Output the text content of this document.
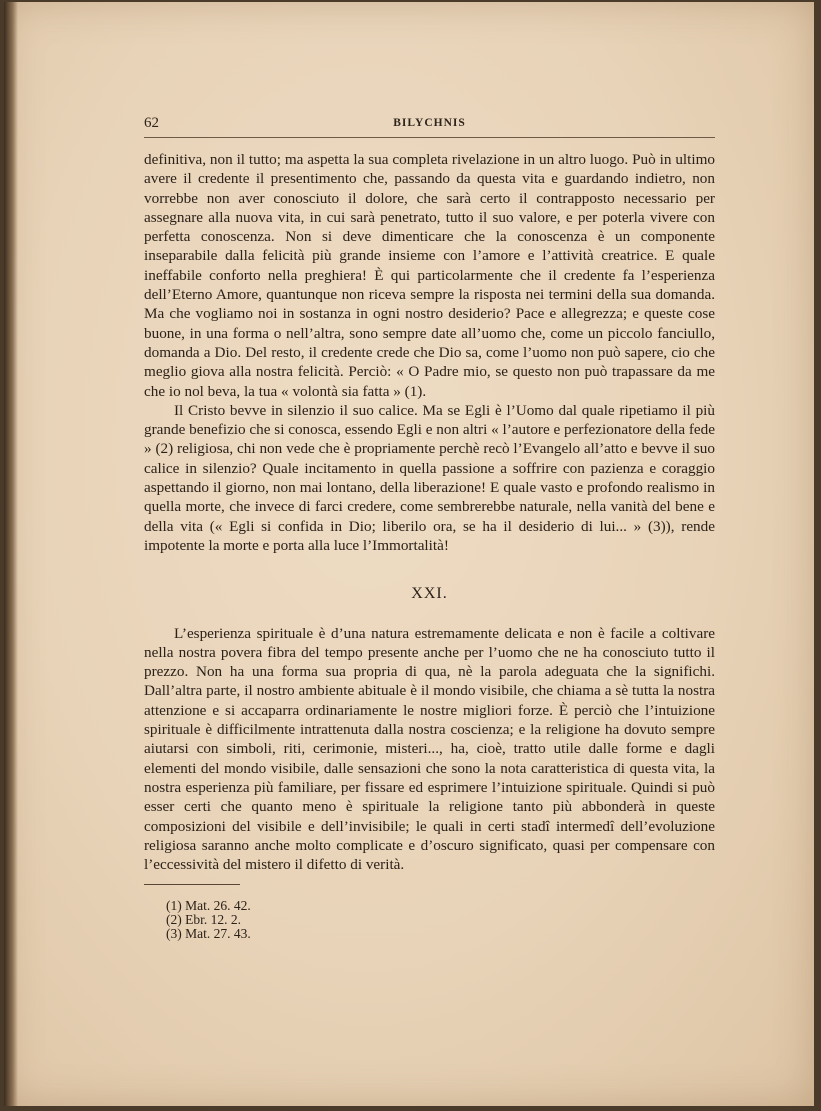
62	BILYCHNIS

definitiva, non il tutto; ma aspetta la sua completa rivelazione in un altro luogo. Può in ultimo avere il credente il presentimento che, passando da questa vita e guardando indietro, non vorrebbe non aver conosciuto il dolore, che sarà certo il contrapposto necessario per assegnare alla nuova vita, in cui sarà penetrato, tutto il suo valore, e per poterla vivere con perfetta conoscenza. Non si deve dimenticare che la conoscenza è un componente inseparabile dalla felicità più grande insieme con l’amore e l’attività creatrice. E quale ineffabile conforto nella preghiera! È qui particolarmente che il credente fa l’esperienza dell’Eterno Amore, quantunque non riceva sempre la risposta nei termini della sua domanda. Ma che vogliamo noi in sostanza in ogni nostro desiderio? Pace e allegrezza; e queste cose buone, in una forma o nell’altra, sono sempre date all’uomo che, come un piccolo fanciullo, domanda a Dio. Del resto, il credente crede che Dio sa, come l’uomo non può sapere, cio che meglio giova alla nostra felicità. Perciò: « O Padre mio, se questo non può trapassare da me che io nol beva, la tua « volontà sia fatta » (1).

Il Cristo bevve in silenzio il suo calice. Ma se Egli è l’Uomo dal quale ripetiamo il più grande benefizio che si conosca, essendo Egli e non altri « l’autore e perfezionatore della fede » (2) religiosa, chi non vede che è propriamente perchè recò l’Evangelo all’atto e bevve il suo calice in silenzio? Quale incitamento in quella passione a soffrire con pazienza e coraggio aspettando il giorno, non mai lontano, della liberazione! E quale vasto e profondo realismo in quella morte, che invece di farci credere, come sembrerebbe naturale, nella vanità del bene e della vita (« Egli si confida in Dio; liberilo ora, se ha il desiderio di lui... » (3)), rende impotente la morte e porta alla luce l’Immortalità!

XXI.

L’esperienza spirituale è d’una natura estremamente delicata e non è facile a coltivare nella nostra povera fibra del tempo presente anche per l’uomo che ne ha conosciuto tutto il prezzo. Non ha una forma sua propria di qua, nè la parola adeguata che la significhi. Dall’altra parte, il nostro ambiente abituale è il mondo visibile, che chiama a sè tutta la nostra attenzione e si accaparra ordinariamente le nostre migliori forze. È perciò che l’intuizione spirituale è difficilmente intrattenuta dalla nostra coscienza; e la religione ha dovuto sempre aiutarsi con simboli, riti, cerimonie, misteri..., ha, cioè, tratto utile dalle forme e dagli elementi del mondo visibile, dalle sensazioni che sono la nota caratteristica di questa vita, la nostra esperienza più familiare, per fissare ed esprimere l’intuizione spirituale. Quindi si può esser certi che quanto meno è spirituale la religione tanto più abbonderà in queste composizioni del visibile e dell’invisibile; le quali in certi stadî intermedî dell’evoluzione religiosa saranno anche molto complicate e d’oscuro significato, quasi per compensare con l’eccessività del mistero il difetto di verità.

(1) Mat. 26. 42.
(2) Ebr. 12. 2.
(3) Mat. 27. 43.
